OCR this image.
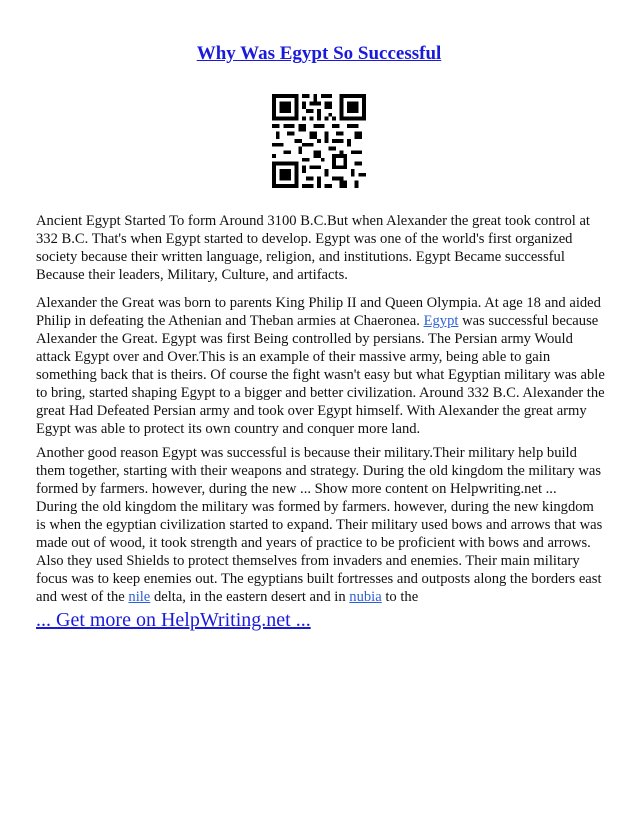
Why Was Egypt So Successful

Ancient Egypt Started To form Around 3100 B.C.But when Alexander the great took control at 332 B.C. That's when Egypt started to develop. Egypt was one of the world's first organized society because their written language, religion, and institutions. Egypt Became successful Because their leaders, Military, Culture, and artifacts.

Alexander the Great was born to parents King Philip II and Queen Olympia. At age 18 and aided Philip in defeating the Athenian and Theban armies at Chaeronea. Egypt was successful because Alexander the Great. Egypt was first Being controlled by persians. The Persian army Would attack Egypt over and Over.This is an example of their massive army, being able to gain something back that is theirs. Of course the fight wasn't easy but what Egyptian military was able to bring, started shaping Egypt to a bigger and better civilization. Around 332 B.C. Alexander the great Had Defeated Persian army and took over Egypt himself. With Alexander the great army Egypt was able to protect its own country and conquer more land.

Another good reason Egypt was successful is because their military.Their military help build them together, starting with their weapons and strategy. During the old kingdom the military was formed by farmers. however, during the new ... Show more content on Helpwriting.net ...
During the old kingdom the military was formed by farmers. however, during the new kingdom is when the egyptian civilization started to expand. Their military used bows and arrows that was made out of wood, it took strength and years of practice to be proficient with bows and arrows. Also they used Shields to protect themselves from invaders and enemies. Their main military focus was to keep enemies out. The egyptians built fortresses and outposts along the borders east and west of the nile delta, in the eastern desert and in nubia to the

... Get more on HelpWriting.net ...
